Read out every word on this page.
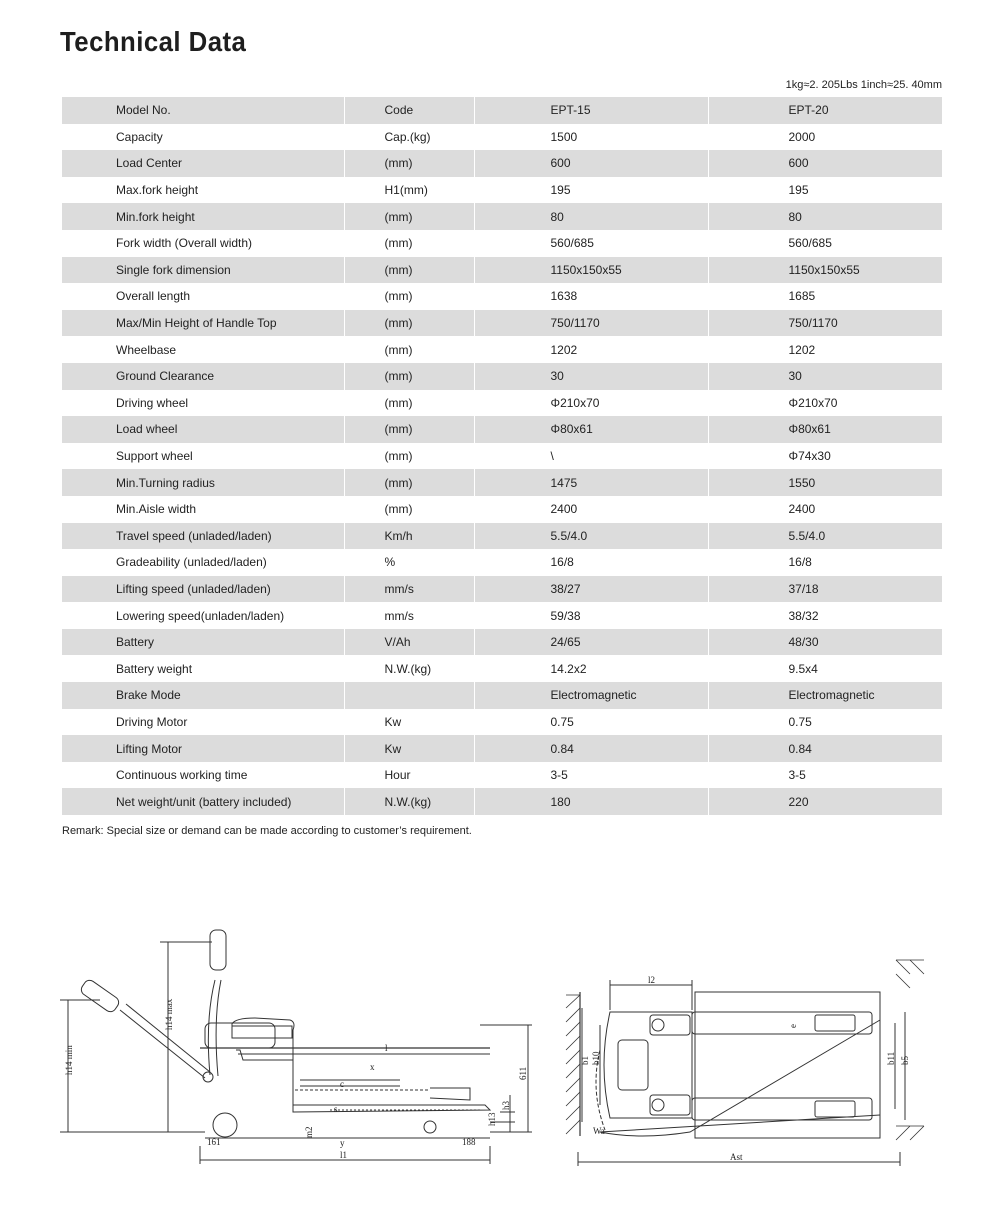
Technical Data
1kg≈2. 205Lbs 1inch≈25. 40mm
Model No.	Code	EPT-15	EPT-20
Capacity	Cap.(kg)	1500	2000
Load Center	(mm)	600	600
Max.fork height	H1(mm)	195	195
Min.fork height	(mm)	80	80
Fork width (Overall width)	(mm)	560/685	560/685
Single fork dimension	(mm)	1150x150x55	1150x150x55
Overall length	(mm)	1638	1685
Max/Min Height of Handle Top	(mm)	750/1170	750/1170
Wheelbase	(mm)	1202	1202
Ground Clearance	(mm)	30	30
Driving wheel	(mm)	Φ210x70	Φ210x70
Load wheel	(mm)	Φ80x61	Φ80x61
Support wheel	(mm)	\	Φ74x30
Min.Turning radius	(mm)	1475	1550
Min.Aisle width	(mm)	2400	2400
Travel speed (unladed/laden)	Km/h	5.5/4.0	5.5/4.0
Gradeability (unladed/laden)	%	16/8	16/8
Lifting speed (unladed/laden)	mm/s	38/27	37/18
Lowering speed(unladen/laden)	mm/s	59/38	38/32
Battery	V/Ah	24/65	48/30
Battery weight	N.W.(kg)	14.2x2	9.5x4
Brake Mode		Electromagnetic	Electromagnetic
Driving Motor	Kw	0.75	0.75
Lifting Motor	Kw	0.84	0.84
Continuous working time	Hour	3-5	3-5
Net weight/unit (battery included)	N.W.(kg)	180	220
Remark: Special size or demand can be made according to customer’s requirement.
h14 min
h14 max
l
x
c
h3
h13
611
s
m2
y
161	188
l1
l2
b1 b10
e
b11 b5
Wa
Ast
